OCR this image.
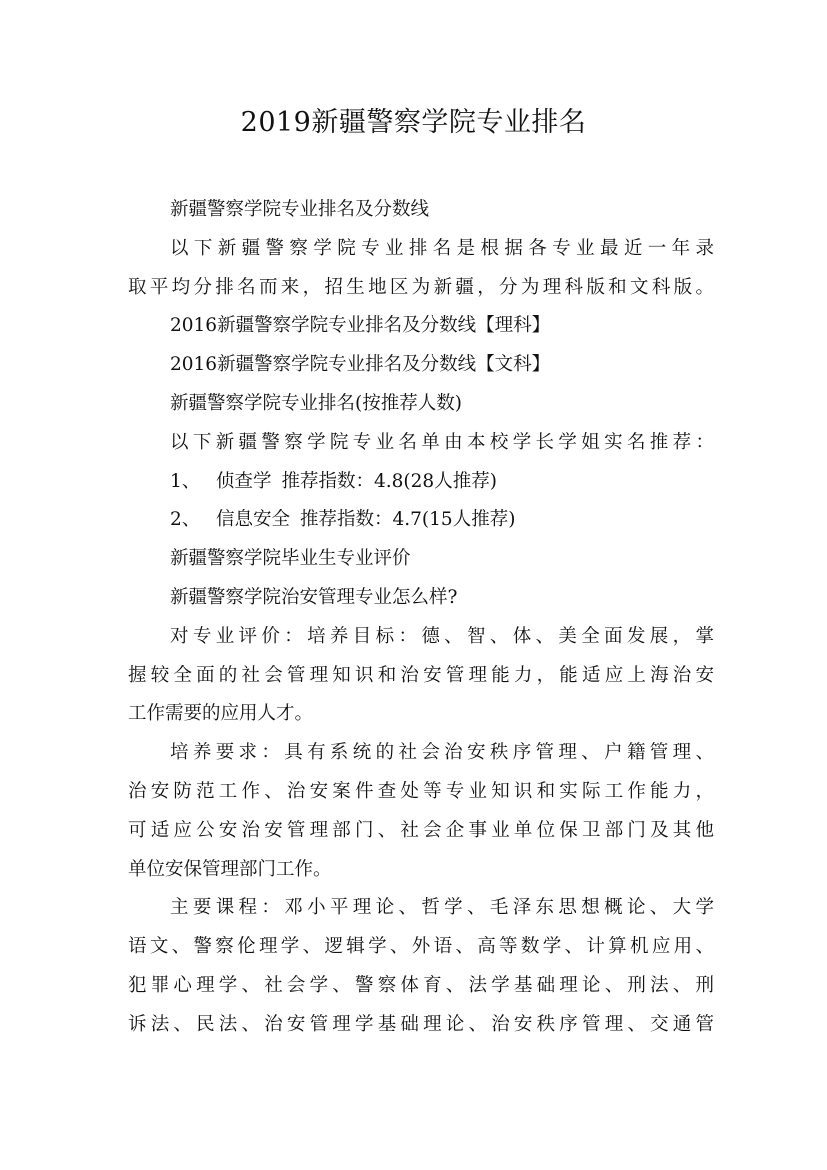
2019新疆警察学院专业排名
新疆警察学院专业排名及分数线
以下新疆警察学院专业排名是根据各专业最近一年录
取平均分排名而来，招生地区为新疆，分为理科版和文科版。
2016新疆警察学院专业排名及分数线【理科】
2016新疆警察学院专业排名及分数线【文科】
新疆警察学院专业排名(按推荐人数)
以下新疆警察学院专业名单由本校学长学姐实名推荐：
1、 侦查学 推荐指数：4.8(28人推荐)
2、 信息安全 推荐指数：4.7(15人推荐)
新疆警察学院毕业生专业评价
新疆警察学院治安管理专业怎么样?
对专业评价：培养目标：德、智、体、美全面发展，掌
握较全面的社会管理知识和治安管理能力，能适应上海治安
工作需要的应用人才。
培养要求：具有系统的社会治安秩序管理、户籍管理、
治安防范工作、治安案件查处等专业知识和实际工作能力，
可适应公安治安管理部门、社会企事业单位保卫部门及其他
单位安保管理部门工作。
主要课程：邓小平理论、哲学、毛泽东思想概论、大学
语文、警察伦理学、逻辑学、外语、高等数学、计算机应用、
犯罪心理学、社会学、警察体育、法学基础理论、刑法、刑
诉法、民法、治安管理学基础理论、治安秩序管理、交通管
